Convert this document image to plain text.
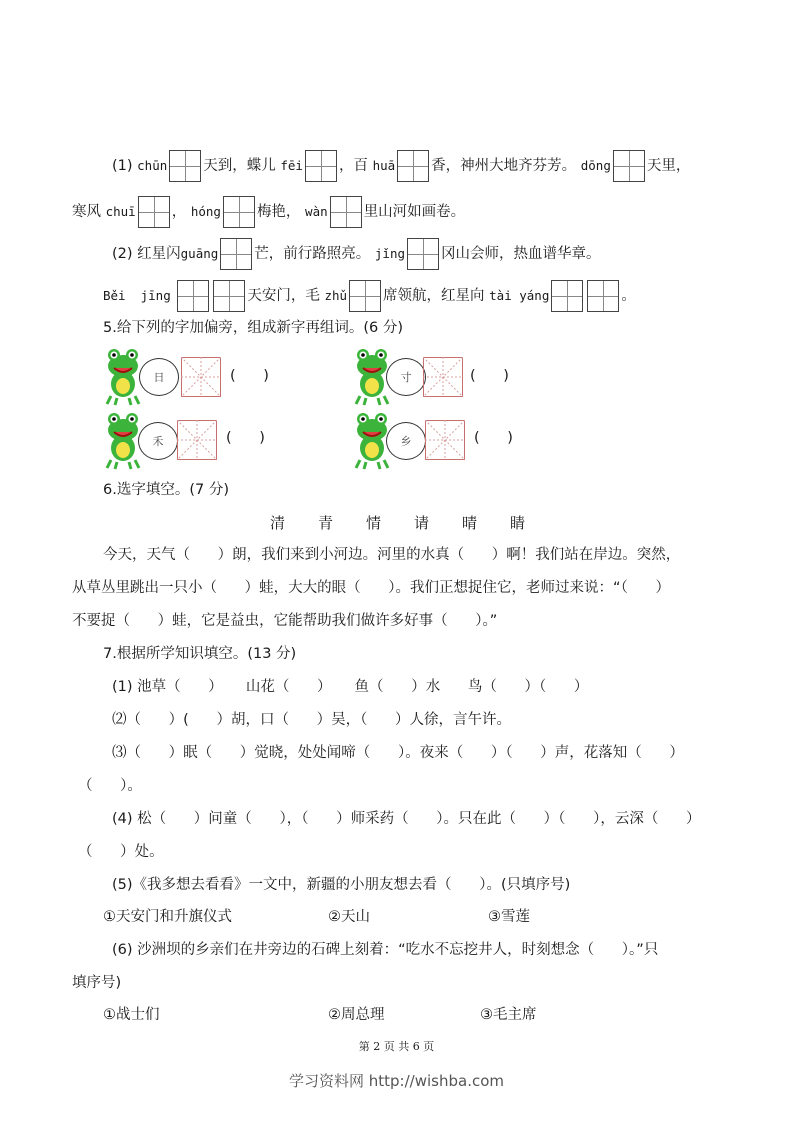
(1) chūn 天到，蝶儿 fēi ，百 huā 香，神州大地齐芬芳。 dōng 天里，
寒风 chuī ， hóng 梅艳， wàn 里山河如画卷。
(2) 红星闪guāng 芒，前行路照亮。 jǐng 冈山会师，热血谱华章。
Běi  jīng	天安门，毛 zhǔ 席领航，红星向 tài yáng	。
5.给下列的字加偏旁，组成新字再组词。(6 分)
日	(      )	寸	(      )
禾	(      )	乡	(      )
6.选字填空。(7 分)
清 青 情 请 晴 睛
今天，天气（      ）朗，我们来到小河边。河里的水真（      ）啊！我们站在岸边。突然，
从草丛里跳出一只小（      ）蛙，大大的眼（      ）。我们正想捉住它，老师过来说：“（      ）
不要捉（      ）蛙，它是益虫，它能帮助我们做许多好事（      ）。”
7.根据所学知识填空。(13 分)
(1) 池草（      ）     山花（      ）     鱼（      ）水      鸟（      ）（      ）
⑵（      ）(      ）胡，口（      ）吴，（      ）人徐，言午许。
⑶（      ）眠（      ）觉晓，处处闻啼（      ）。夜来（      ）（      ）声，花落知（      ）
（      ）。
(4) 松（      ）问童（      ），（      ）师采药（      ）。只在此（      ）（      ），云深（      ）
（      ）处。
(5)《我多想去看看》一文中，新疆的小朋友想去看（      ）。(只填序号)
①天安门和升旗仪式	②天山	③雪莲
(6) 沙洲坝的乡亲们在井旁边的石碑上刻着：“吃水不忘挖井人，时刻想念（      ）。”只
填序号)
①战士们	②周总理	③毛主席
第 2 页 共 6 页
学习资料网 http://wishba.com
